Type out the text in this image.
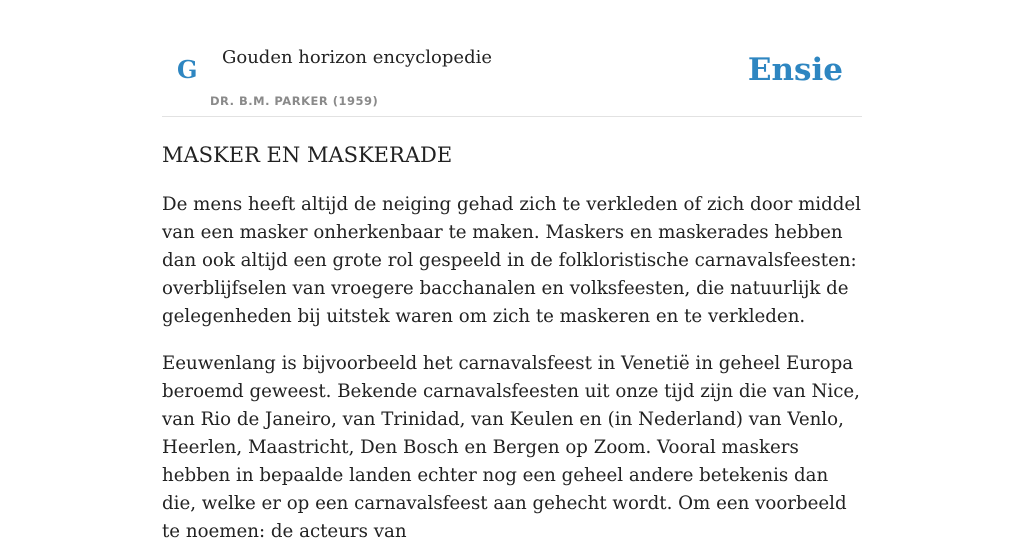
G Gouden horizon encyclopedie
DR. B.M. PARKER (1959)
Ensie
MASKER EN MASKERADE

De mens heeft altijd de neiging gehad zich te verkleden of zich door middel van een masker onherkenbaar te maken. Maskers en maskerades hebben dan ook altijd een grote rol gespeeld in de folkloristische carnavalsfeesten: overblijfselen van vroegere bacchanalen en volksfeesten, die natuurlijk de gelegenheden bij uitstek waren om zich te maskeren en te verkleden.

Eeuwenlang is bijvoorbeeld het carnavalsfeest in Venetië in geheel Europa beroemd geweest. Bekende carnavalsfeesten uit onze tijd zijn die van Nice, van Rio de Janeiro, van Trinidad, van Keulen en (in Nederland) van Venlo, Heerlen, Maastricht, Den Bosch en Bergen op Zoom. Vooral maskers hebben in bepaalde landen echter nog een geheel andere betekenis dan die, welke er op een carnavalsfeest aan gehecht wordt. Om een voorbeeld te noemen: de acteurs van
